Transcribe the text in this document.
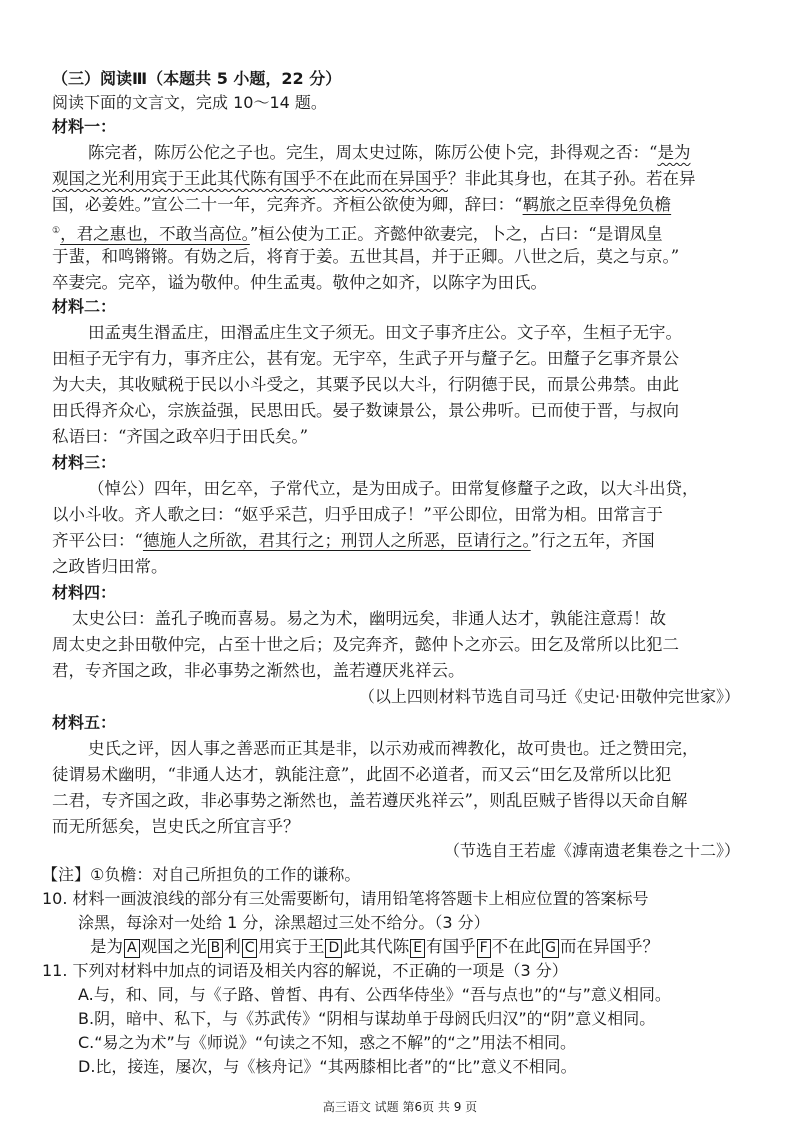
（三）阅读Ⅲ（本题共 5 小题，22 分）
阅读下面的文言文，完成 10～14 题。
材料一：
陈完者，陈厉公佗之子也。完生，周太史过陈，陈厉公使卜完，卦得观之否：“是为
观国之光利用宾于王此其代陈有国乎不在此而在异国乎？非此其身也，在其子孙。若在异
国，必姜姓。”宣公二十一年，完奔齐。齐桓公欲使为卿，辞曰：“羁旅之臣幸得免负檐
①，君之惠也，不敢当高位。”桓公使为工正。齐懿仲欲妻完，卜之，占曰：“是谓凤皇
于蜚，和鸣锵锵。有妫之后，将育于姜。五世其昌，并于正卿。八世之后，莫之与京。”
卒妻完。完卒，谥为敬仲。仲生孟夷。敬仲之如齐，以陈字为田氏。
材料二：
田孟夷生湣孟庄，田湣孟庄生文子须无。田文子事齐庄公。文子卒，生桓子无宇。
田桓子无宇有力，事齐庄公，甚有宠。无宇卒，生武子开与釐子乞。田釐子乞事齐景公
为大夫，其收赋税于民以小斗受之，其粟予民以大斗，行阴德于民，而景公弗禁。由此
田氏得齐众心，宗族益强，民思田氏。晏子数谏景公，景公弗听。已而使于晋，与叔向
私语曰：“齐国之政卒归于田氏矣。”
材料三：
（悼公）四年，田乞卒，子常代立，是为田成子。田常复修釐子之政，以大斗出贷，
以小斗收。齐人歌之曰：“妪乎采芑，归乎田成子！”平公即位，田常为相。田常言于
齐平公曰：“德施人之所欲，君其行之；刑罚人之所恶，臣请行之。”行之五年，齐国
之政皆归田常。
材料四：
太史公曰：盖孔子晚而喜易。易之为术，幽明远矣，非通人达才，孰能注意焉！故
周太史之卦田敬仲完，占至十世之后；及完奔齐，懿仲卜之亦云。田乞及常所以比犯二
君，专齐国之政，非必事势之渐然也，盖若遵厌兆祥云。
（以上四则材料节选自司马迁《史记·田敬仲完世家》）
材料五：
史氏之评，因人事之善恶而正其是非，以示劝戒而裨教化，故可贵也。迁之赞田完，
徒谓易术幽明，“非通人达才，孰能注意”，此固不必道者，而又云“田乞及常所以比犯
二君，专齐国之政，非必事势之渐然也，盖若遵厌兆祥云”，则乱臣贼子皆得以天命自解
而无所惩矣，岂史氏之所宜言乎？
（节选自王若虚《滹南遗老集卷之十二》）
【注】①负檐：对自己所担负的工作的谦称。
10. 材料一画波浪线的部分有三处需要断句，请用铅笔将答题卡上相应位置的答案标号
涂黑，每涂对一处给 1 分，涂黑超过三处不给分。（3 分）
是为 A 观国之光 B 利 C 用宾于王 D 此其代陈 E 有国乎 F 不在此 G 而在异国乎？
11. 下列对材料中加点的词语及相关内容的解说，不正确的一项是（3 分）
A.与，和、同，与《子路、曾皙、冉有、公西华侍坐》“吾与点也”的“与”意义相同。
B.阴，暗中、私下，与《苏武传》“阴相与谋劫单于母阏氏归汉”的“阴”意义相同。
C.“易之为术”与《师说》“句读之不知，惑之不解”的“之”用法不相同。
D.比，接连，屡次，与《核舟记》“其两膝相比者”的“比”意义不相同。
高三语文 试题 第6页 共 9 页
